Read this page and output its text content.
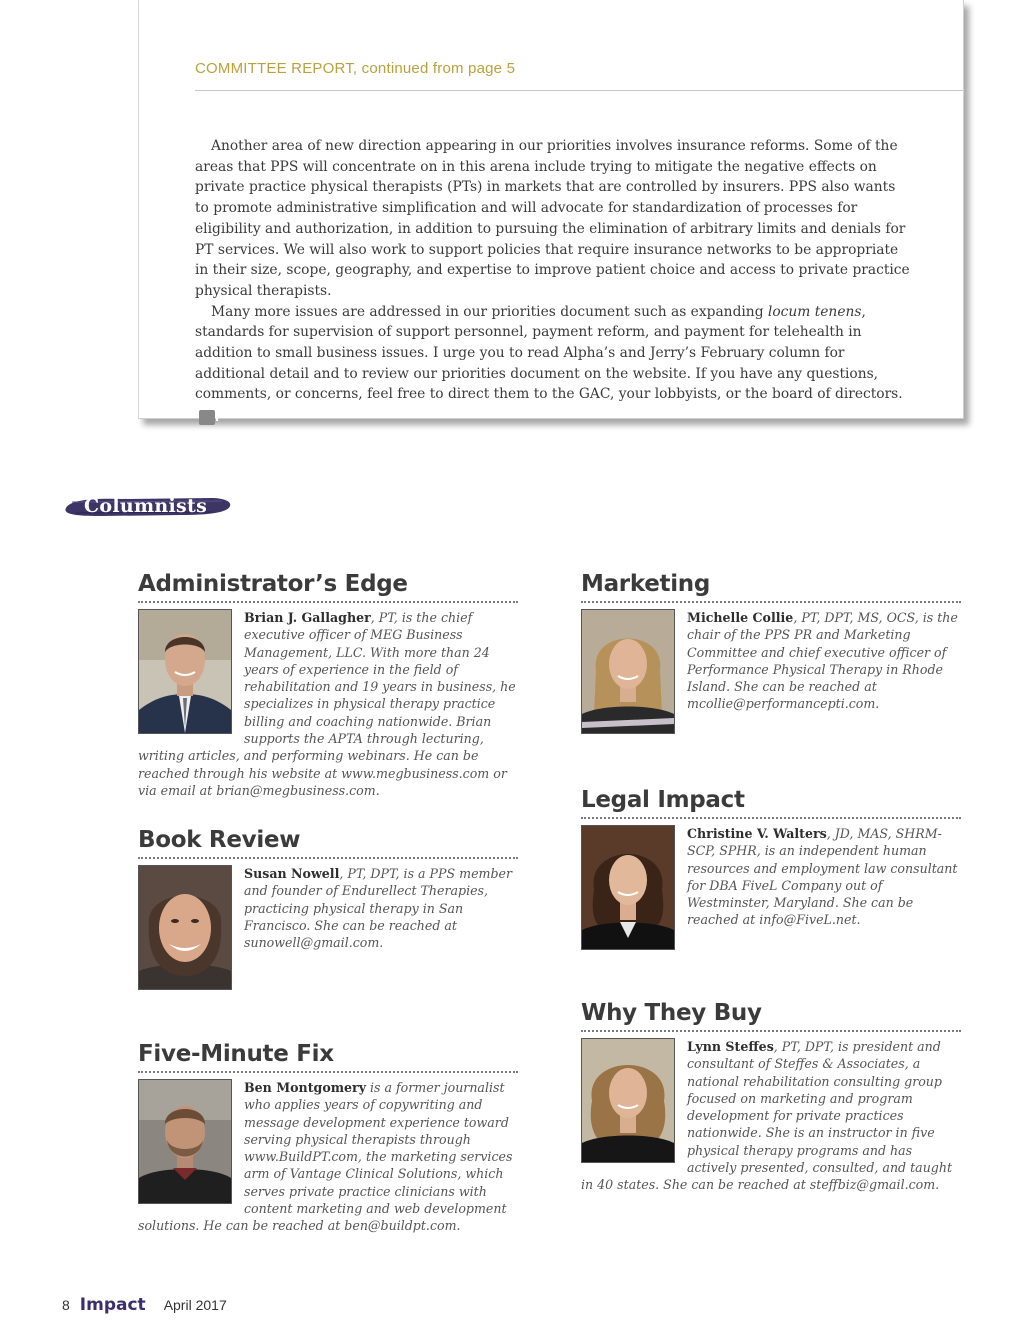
COMMITTEE REPORT, continued from page 5

Another area of new direction appearing in our priorities involves insurance reforms. Some of the areas that PPS will concentrate on in this arena include trying to mitigate the negative effects on private practice physical therapists (PTs) in markets that are controlled by insurers. PPS also wants to promote administrative simplification and will advocate for standardization of processes for eligibility and authorization, in addition to pursuing the elimination of arbitrary limits and denials for PT services. We will also work to support policies that require insurance networks to be appropriate in their size, scope, geography, and expertise to improve patient choice and access to private practice physical therapists.

Many more issues are addressed in our priorities document such as expanding locum tenens, standards for supervision of support personnel, payment reform, and payment for telehealth in addition to small business issues. I urge you to read Alpha’s and Jerry’s February column for additional detail and to review our priorities document on the website. If you have any questions, comments, or concerns, feel free to direct them to the GAC, your lobbyists, or the board of directors.I

Columnists
Administrator’s Edge
Brian J. Gallagher, PT, is the chief executive officer of MEG Business Management, LLC. With more than 24 years of experience in the field of rehabilitation and 19 years in business, he specializes in physical therapy practice billing and coaching nationwide. Brian supports the APTA through lecturing, writing articles, and performing webinars. He can be reached through his website at www.megbusiness.com or via email at brian@megbusiness.com.
Book Review
Susan Nowell, PT, DPT, is a PPS member and founder of Endurellect Therapies, practicing physical therapy in San Francisco. She can be reached at sunowell@gmail.com.
Five-Minute Fix
Ben Montgomery is a former journalist who applies years of copywriting and message development experience toward serving physical therapists through www.BuildPT.com, the marketing services arm of Vantage Clinical Solutions, which serves private practice clinicians with content marketing and web development solutions. He can be reached at ben@buildpt.com.
Marketing
Michelle Collie, PT, DPT, MS, OCS, is the chair of the PPS PR and Marketing Committee and chief executive officer of Performance Physical Therapy in Rhode Island. She can be reached at mcollie@performancepti.com.
Legal Impact
Christine V. Walters, JD, MAS, SHRM-SCP, SPHR, is an independent human resources and employment law consultant for DBA FiveL Company out of Westminster, Maryland. She can be reached at info@FiveL.net.
Why They Buy
Lynn Steffes, PT, DPT, is president and consultant of Steffes & Associates, a national rehabilitation consulting group focused on marketing and program development for private practices nationwide. She is an instructor in five physical therapy programs and has actively presented, consulted, and taught in 40 states. She can be reached at steffbiz@gmail.com.
8 Impact April 2017
